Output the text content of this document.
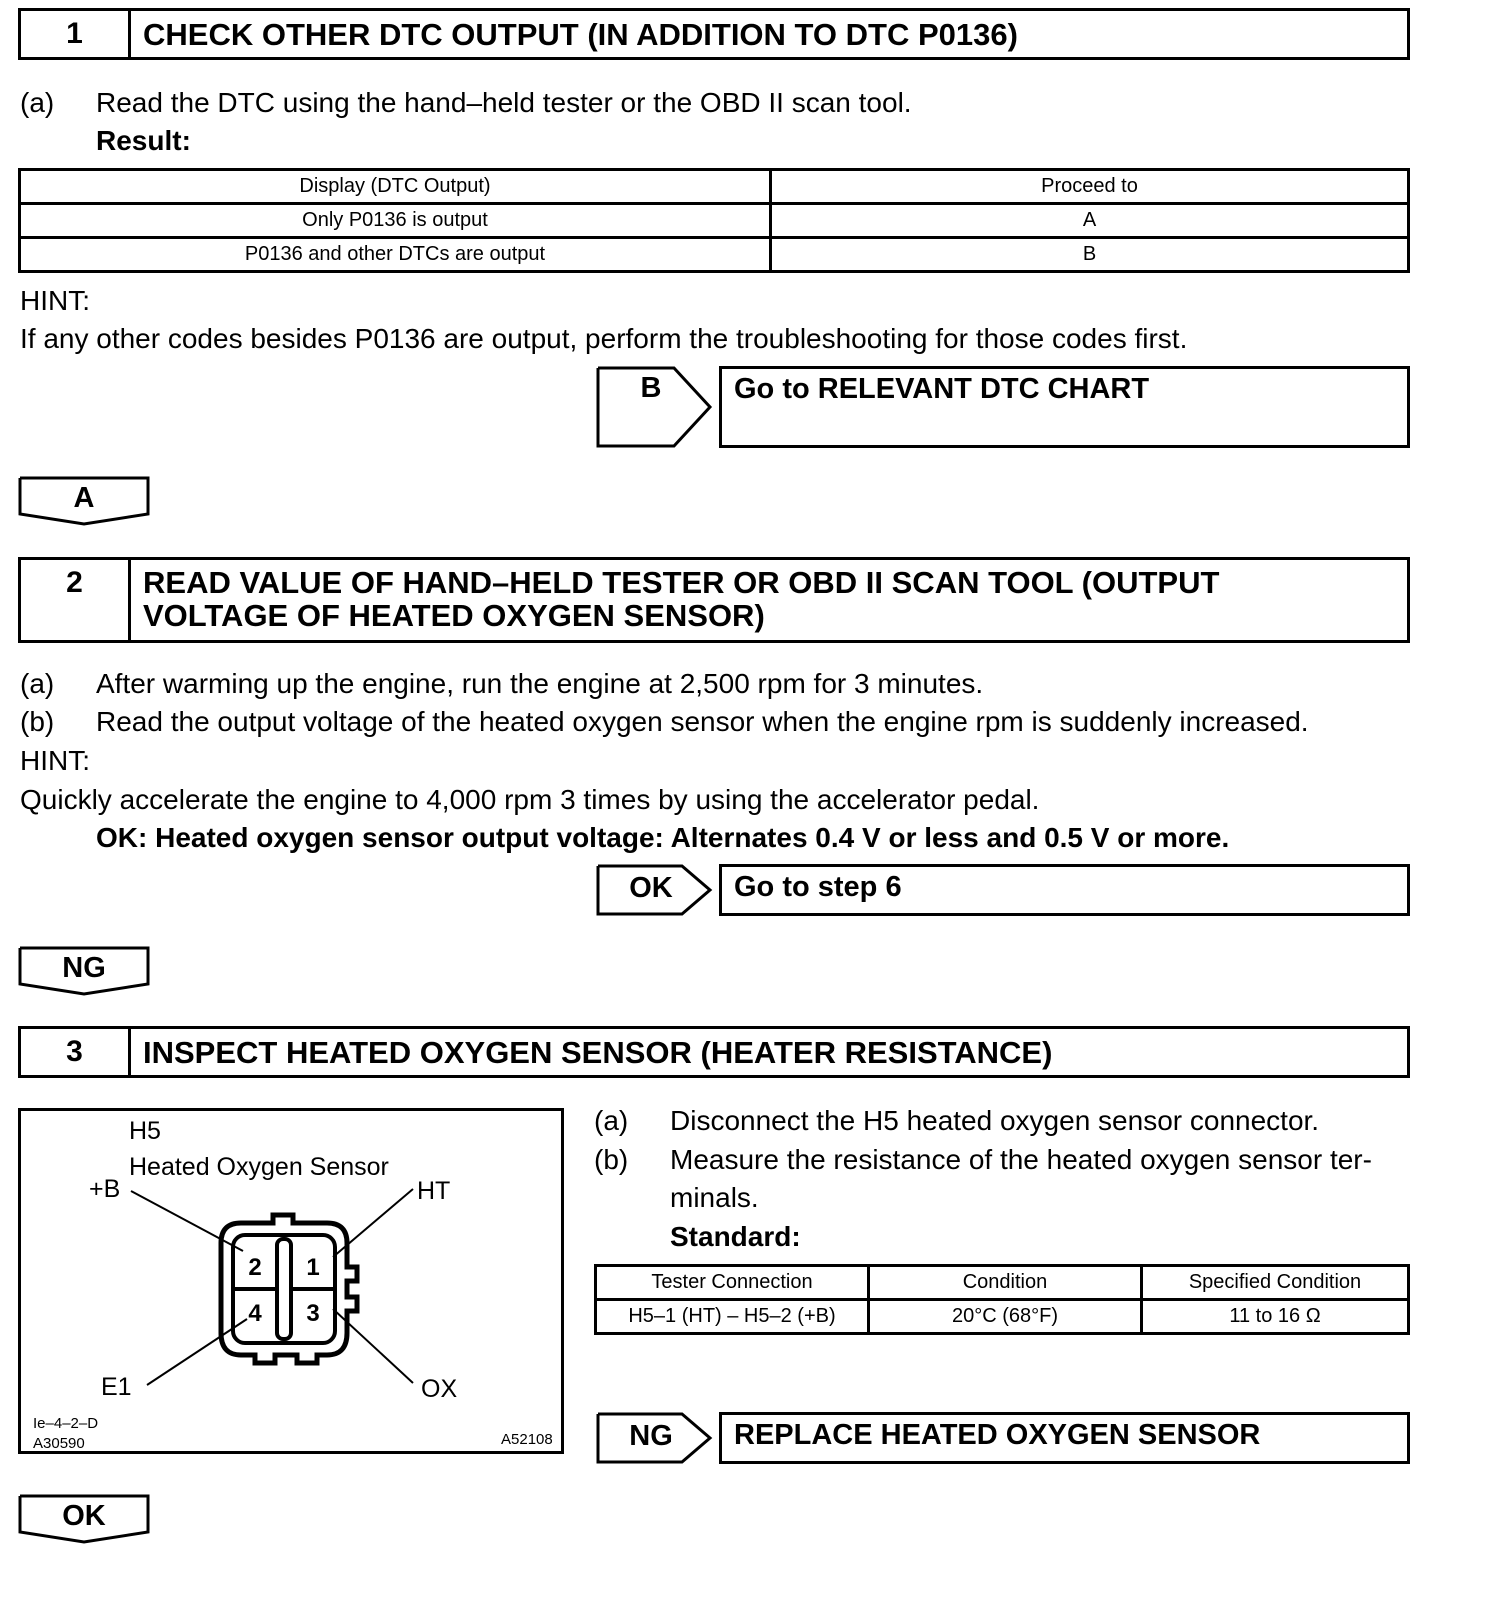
1	CHECK OTHER DTC OUTPUT (IN ADDITION TO DTC P0136)
(a) Read the DTC using the hand–held tester or the OBD II scan tool.
Result:
Display (DTC Output)	Proceed to
Only P0136 is output	A
P0136 and other DTCs are output	B
HINT:
If any other codes besides P0136 are output, perform the troubleshooting for those codes first.
B	Go to RELEVANT DTC CHART
A
2	READ VALUE OF HAND–HELD TESTER OR OBD II SCAN TOOL (OUTPUT
VOLTAGE OF HEATED OXYGEN SENSOR)
(a) After warming up the engine, run the engine at 2,500 rpm for 3 minutes.
(b) Read the output voltage of the heated oxygen sensor when the engine rpm is suddenly increased.
HINT:
Quickly accelerate the engine to 4,000 rpm 3 times by using the accelerator pedal.
OK: Heated oxygen sensor output voltage: Alternates 0.4 V or less and 0.5 V or more.
OK	Go to step 6
NG
3	INSPECT HEATED OXYGEN SENSOR (HEATER RESISTANCE)
H5
Heated Oxygen Sensor
+B	HT
E1	OX
Ie–4–2–D
A30590	A52108
2 1
4 3
(a) Disconnect the H5 heated oxygen sensor connector.
(b) Measure the resistance of the heated oxygen sensor ter-
minals.
Standard:
Tester Connection	Condition	Specified Condition
H5–1 (HT) – H5–2 (+B)	20°C (68°F)	11 to 16 Ω
NG	REPLACE HEATED OXYGEN SENSOR
OK
